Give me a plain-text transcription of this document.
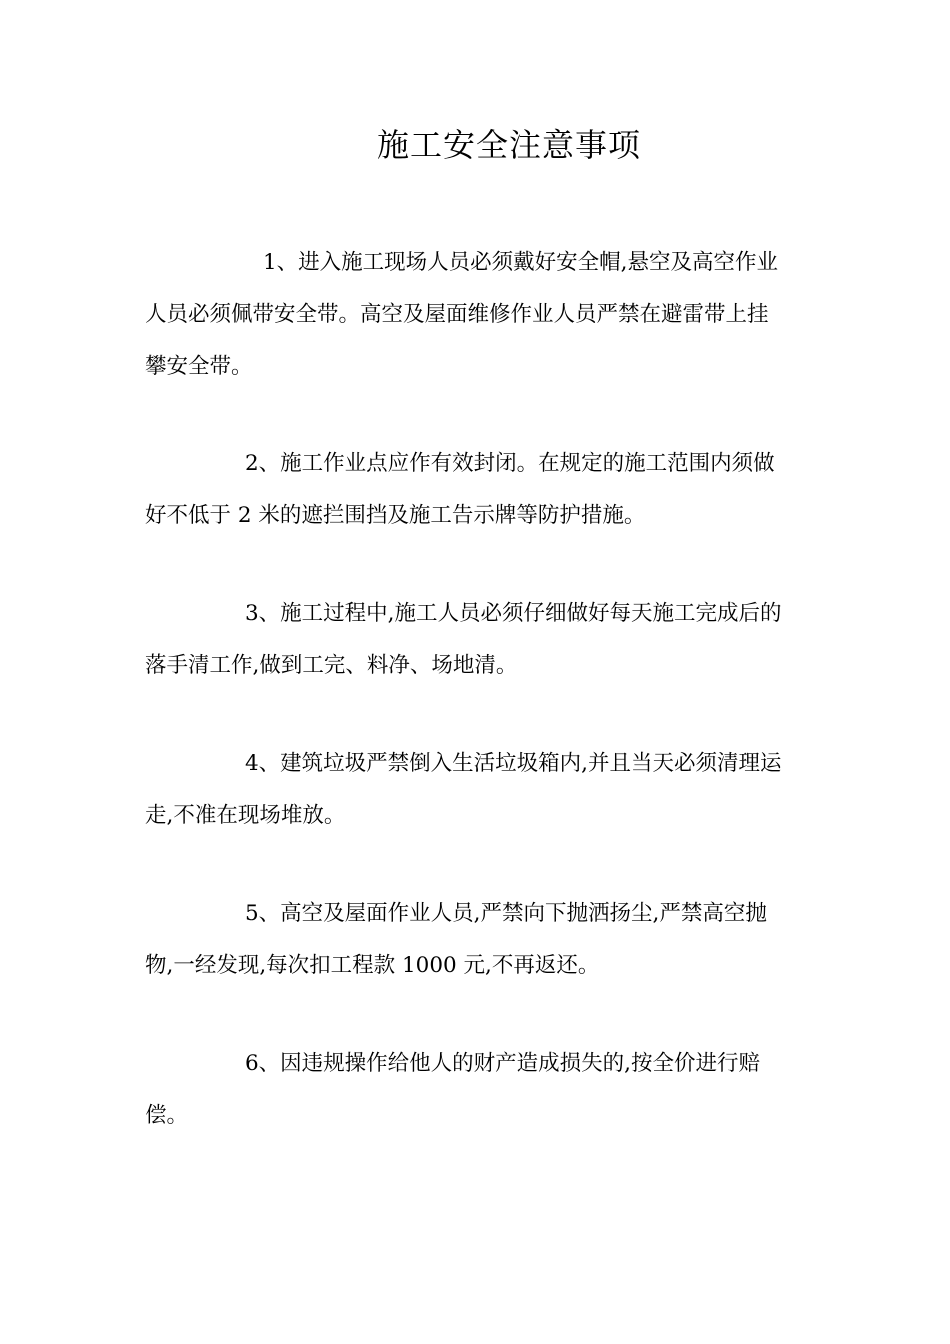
施工安全注意事项

1、进入施工现场人员必须戴好安全帽,悬空及高空作业
人员必须佩带安全带。高空及屋面维修作业人员严禁在避雷带上挂
攀安全带。

2、施工作业点应作有效封闭。在规定的施工范围内须做
好不低于 2 米的遮拦围挡及施工告示牌等防护措施。

3、施工过程中,施工人员必须仔细做好每天施工完成后的
落手清工作,做到工完、料净、场地清。

4、建筑垃圾严禁倒入生活垃圾箱内,并且当天必须清理运
走,不准在现场堆放。

5、高空及屋面作业人员,严禁向下抛洒扬尘,严禁高空抛
物,一经发现,每次扣工程款 1000 元,不再返还。

6、因违规操作给他人的财产造成损失的,按全价进行赔
偿。
